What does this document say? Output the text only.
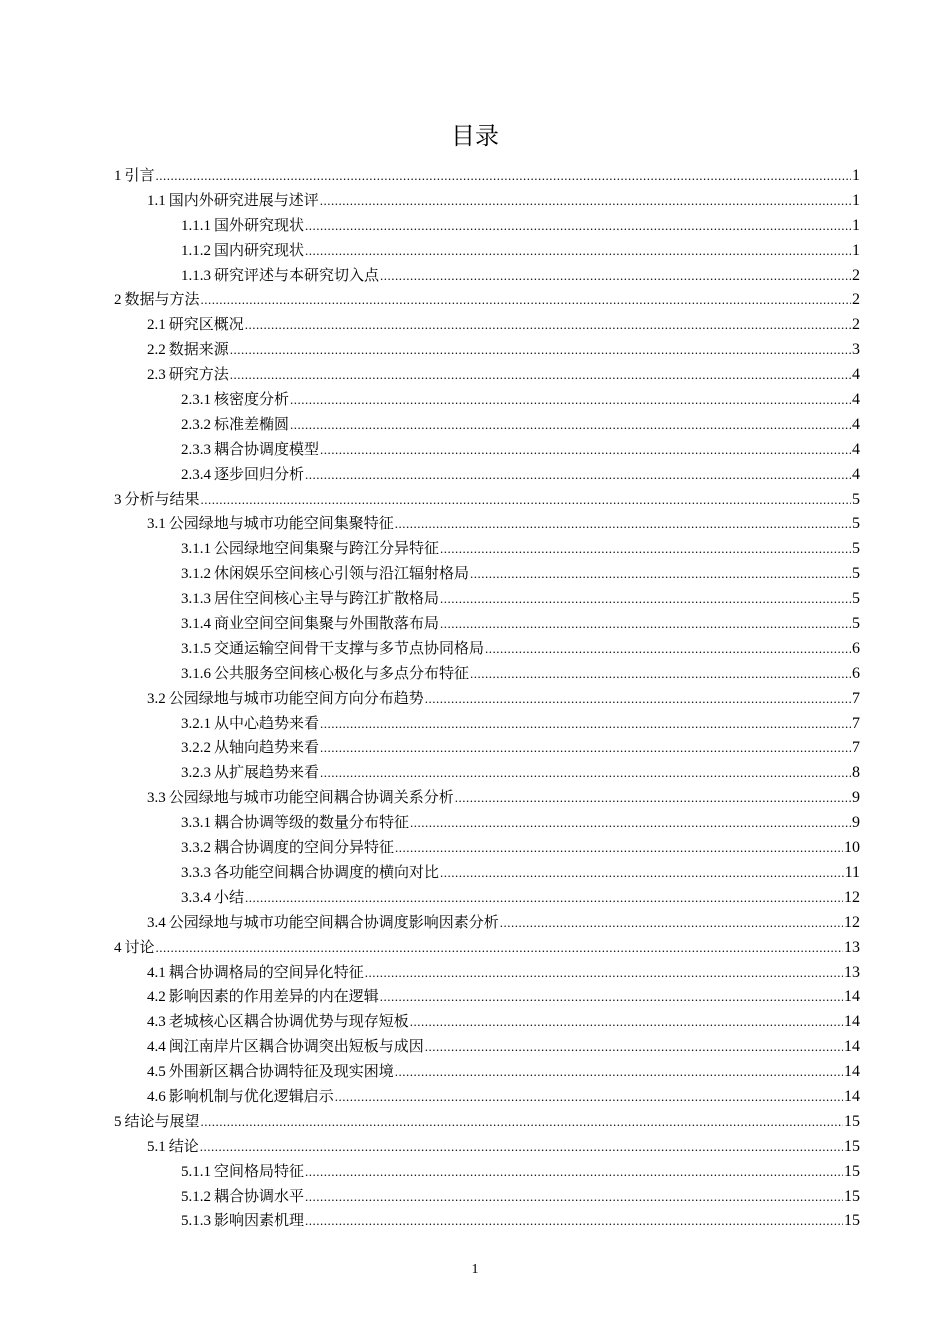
目录
1 引言 .....	1
1.1 国内外研究进展与述评 .....	1
1.1.1 国外研究现状 .....	1
1.1.2 国内研究现状 .....	1
1.1.3 研究评述与本研究切入点 .....	2
2 数据与方法 .....	2
2.1 研究区概况 .....	2
2.2 数据来源 .....	3
2.3 研究方法 .....	4
2.3.1 核密度分析 .....	4
2.3.2 标准差椭圆 .....	4
2.3.3 耦合协调度模型 .....	4
2.3.4 逐步回归分析 .....	4
3 分析与结果 .....	5
3.1 公园绿地与城市功能空间集聚特征 .....	5
3.1.1 公园绿地空间集聚与跨江分异特征 .....	5
3.1.2 休闲娱乐空间核心引领与沿江辐射格局 .....	5
3.1.3 居住空间核心主导与跨江扩散格局 .....	5
3.1.4 商业空间空间集聚与外围散落布局 .....	5
3.1.5 交通运输空间骨干支撑与多节点协同格局 .....	6
3.1.6 公共服务空间核心极化与多点分布特征 .....	6
3.2 公园绿地与城市功能空间方向分布趋势 .....	7
3.2.1 从中心趋势来看 .....	7
3.2.2 从轴向趋势来看 .....	7
3.2.3 从扩展趋势来看 .....	8
3.3 公园绿地与城市功能空间耦合协调关系分析 .....	9
3.3.1 耦合协调等级的数量分布特征 .....	9
3.3.2 耦合协调度的空间分异特征 .....	10
3.3.3 各功能空间耦合协调度的横向对比 .....	11
3.3.4 小结 .....	12
3.4 公园绿地与城市功能空间耦合协调度影响因素分析 .....	12
4 讨论 .....	13
4.1 耦合协调格局的空间异化特征 .....	13
4.2 影响因素的作用差异的内在逻辑 .....	14
4.3 老城核心区耦合协调优势与现存短板 .....	14
4.4 闽江南岸片区耦合协调突出短板与成因 .....	14
4.5 外围新区耦合协调特征及现实困境 .....	14
4.6 影响机制与优化逻辑启示 .....	14
5 结论与展望 .....	15
5.1 结论 .....	15
5.1.1 空间格局特征 .....	15
5.1.2 耦合协调水平 .....	15
5.1.3 影响因素机理 .....	15
1
